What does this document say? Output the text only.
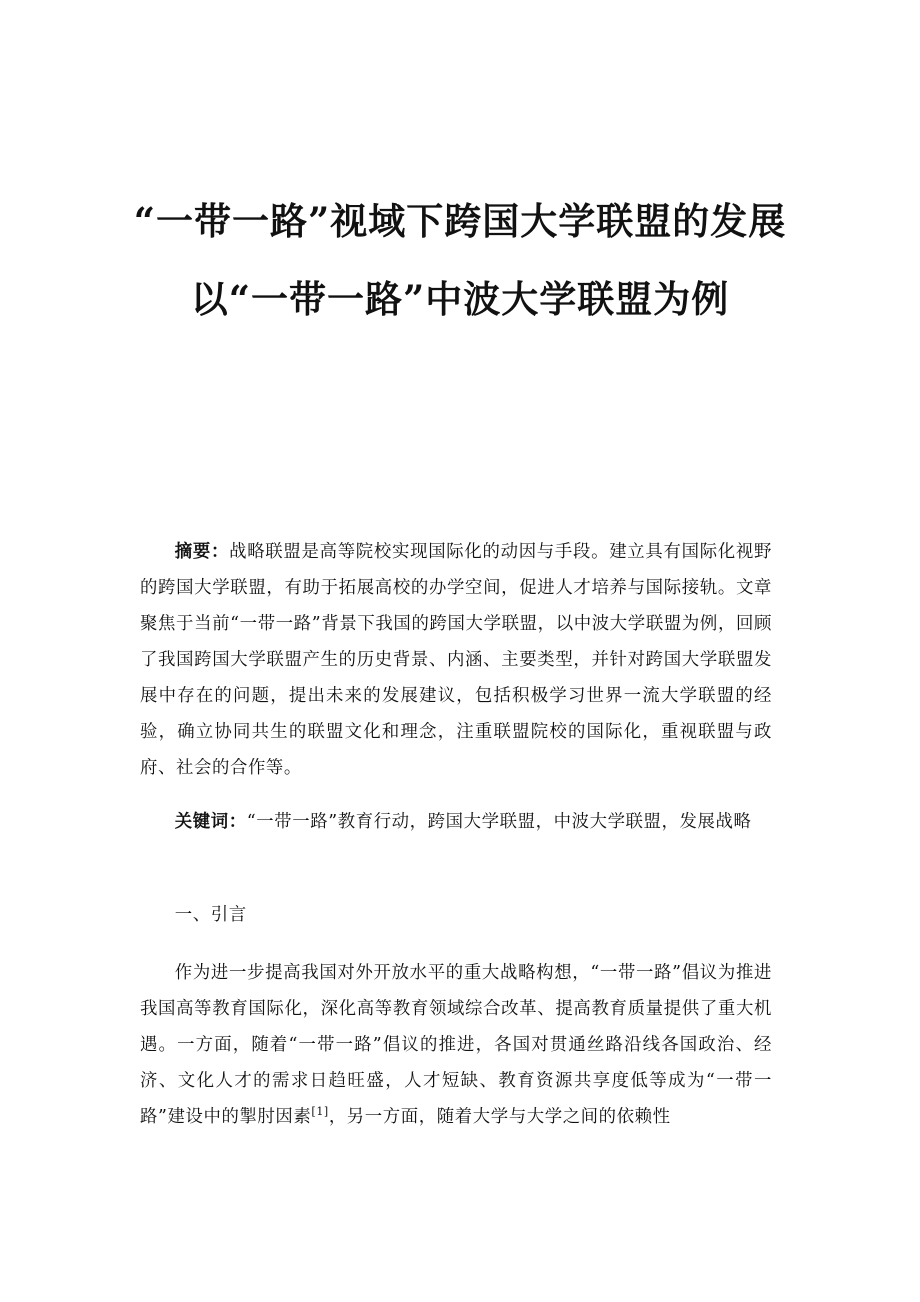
“一带一路”视域下跨国大学联盟的发展
以“一带一路”中波大学联盟为例

摘要：战略联盟是高等院校实现国际化的动因与手段。建立具有国际化视野的跨国大学联盟，有助于拓展高校的办学空间，促进人才培养与国际接轨。文章聚焦于当前“一带一路”背景下我国的跨国大学联盟，以中波大学联盟为例，回顾了我国跨国大学联盟产生的历史背景、内涵、主要类型，并针对跨国大学联盟发展中存在的问题，提出未来的发展建议，包括积极学习世界一流大学联盟的经验，确立协同共生的联盟文化和理念，注重联盟院校的国际化，重视联盟与政府、社会的合作等。

关键词：“一带一路”教育行动，跨国大学联盟，中波大学联盟，发展战略

一、引言

作为进一步提高我国对外开放水平的重大战略构想，“一带一路”倡议为推进我国高等教育国际化，深化高等教育领域综合改革、提高教育质量提供了重大机遇。一方面，随着“一带一路”倡议的推进，各国对贯通丝路沿线各国政治、经济、文化人才的需求日趋旺盛，人才短缺、教育资源共享度低等成为“一带一路”建设中的掣肘因素[1]，另一方面，随着大学与大学之间的依赖性
